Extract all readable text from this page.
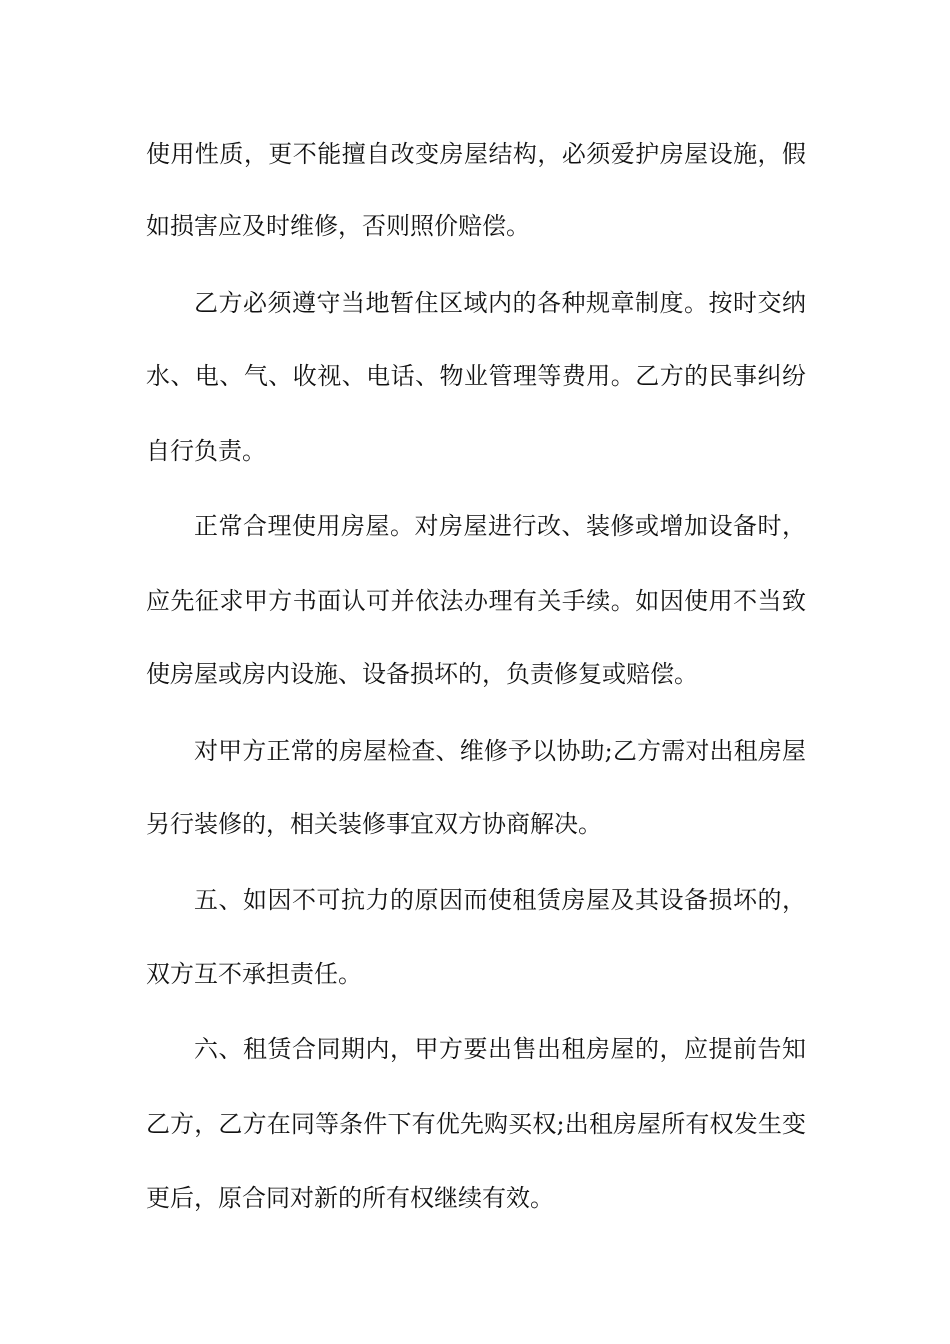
使用性质，更不能擅自改变房屋结构，必须爱护房屋设施，假
如损害应及时维修，否则照价赔偿。
乙方必须遵守当地暂住区域内的各种规章制度。按时交纳
水、电、气、收视、电话、物业管理等费用。乙方的民事纠纷
自行负责。
正常合理使用房屋。对房屋进行改、装修或增加设备时，
应先征求甲方书面认可并依法办理有关手续。如因使用不当致
使房屋或房内设施、设备损坏的，负责修复或赔偿。
对甲方正常的房屋检查、维修予以协助;乙方需对出租房屋
另行装修的，相关装修事宜双方协商解决。
五、如因不可抗力的原因而使租赁房屋及其设备损坏的，
双方互不承担责任。
六、租赁合同期内，甲方要出售出租房屋的，应提前告知
乙方，乙方在同等条件下有优先购买权;出租房屋所有权发生变
更后，原合同对新的所有权继续有效。
